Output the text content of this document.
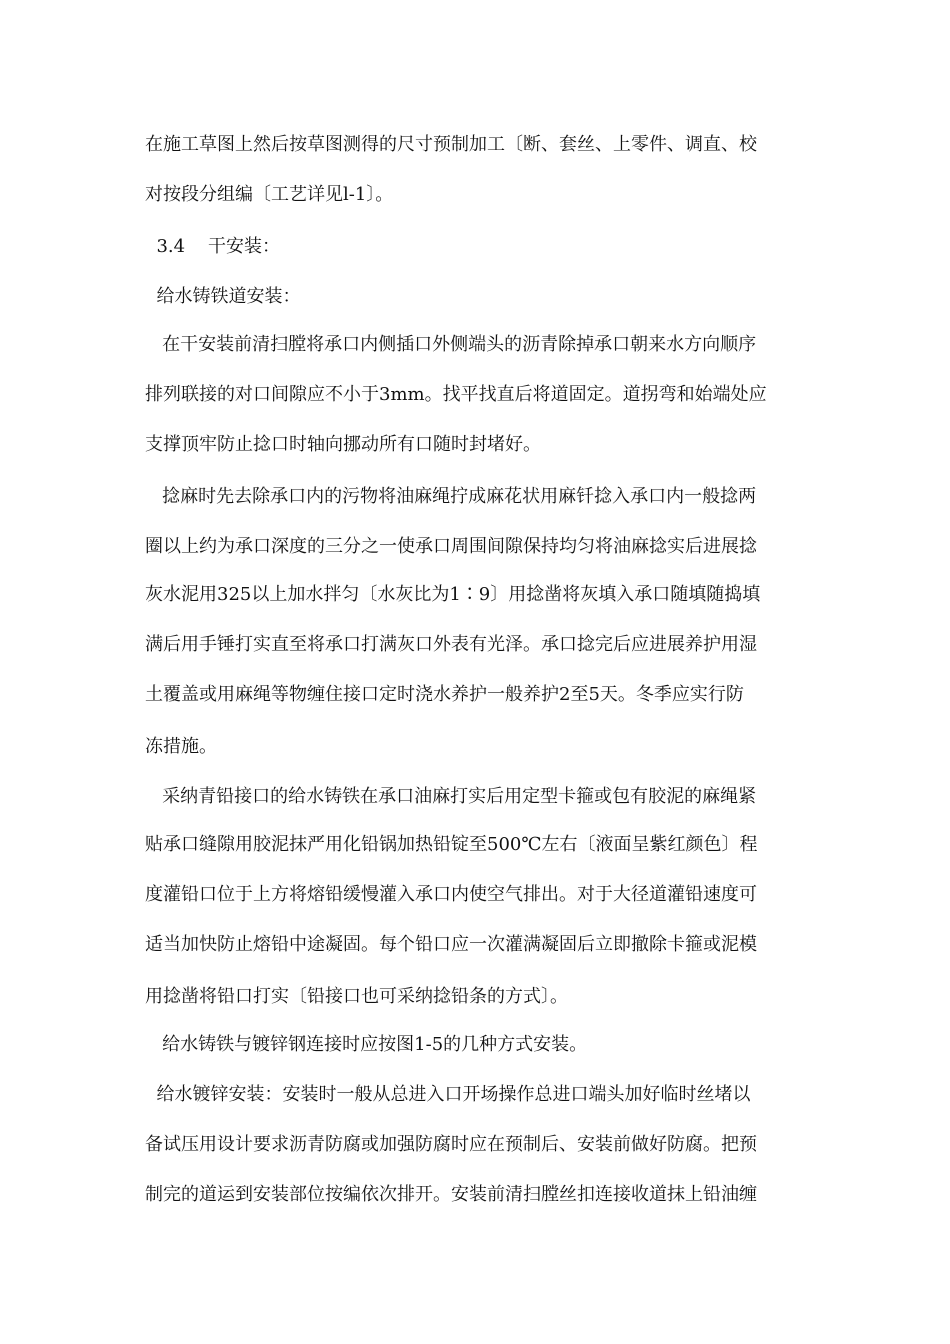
在施工草图上然后按草图测得的尺寸预制加工〔断、套丝、上零件、调直、校
对按段分组编〔工艺详见l-1〕。
3.4    干安装：
给水铸铁道安装：
在干安装前清扫膛将承口内侧插口外侧端头的沥青除掉承口朝来水方向顺序
排列联接的对口间隙应不小于3mm。找平找直后将道固定。道拐弯和始端处应
支撑顶牢防止捻口时轴向挪动所有口随时封堵好。
捻麻时先去除承口内的污物将油麻绳拧成麻花状用麻钎捻入承口内一般捻两
圈以上约为承口深度的三分之一使承口周围间隙保持均匀将油麻捻实后进展捻
灰水泥用325以上加水拌匀〔水灰比为1∶9〕用捻凿将灰填入承口随填随捣填
满后用手锤打实直至将承口打满灰口外表有光泽。承口捻完后应进展养护用湿
土覆盖或用麻绳等物缠住接口定时浇水养护一般养护2至5天。冬季应实行防
冻措施。
采纳青铅接口的给水铸铁在承口油麻打实后用定型卡箍或包有胶泥的麻绳紧
贴承口缝隙用胶泥抹严用化铅锅加热铅锭至500℃左右〔液面呈紫红颜色〕程
度灌铅口位于上方将熔铅缓慢灌入承口内使空气排出。对于大径道灌铅速度可
适当加快防止熔铅中途凝固。每个铅口应一次灌满凝固后立即撤除卡箍或泥模
用捻凿将铅口打实〔铅接口也可采纳捻铅条的方式〕。
给水铸铁与镀锌钢连接时应按图1-5的几种方式安装。
给水镀锌安装：安装时一般从总进入口开场操作总进口端头加好临时丝堵以
备试压用设计要求沥青防腐或加强防腐时应在预制后、安装前做好防腐。把预
制完的道运到安装部位按编依次排开。安装前清扫膛丝扣连接收道抹上铅油缠
